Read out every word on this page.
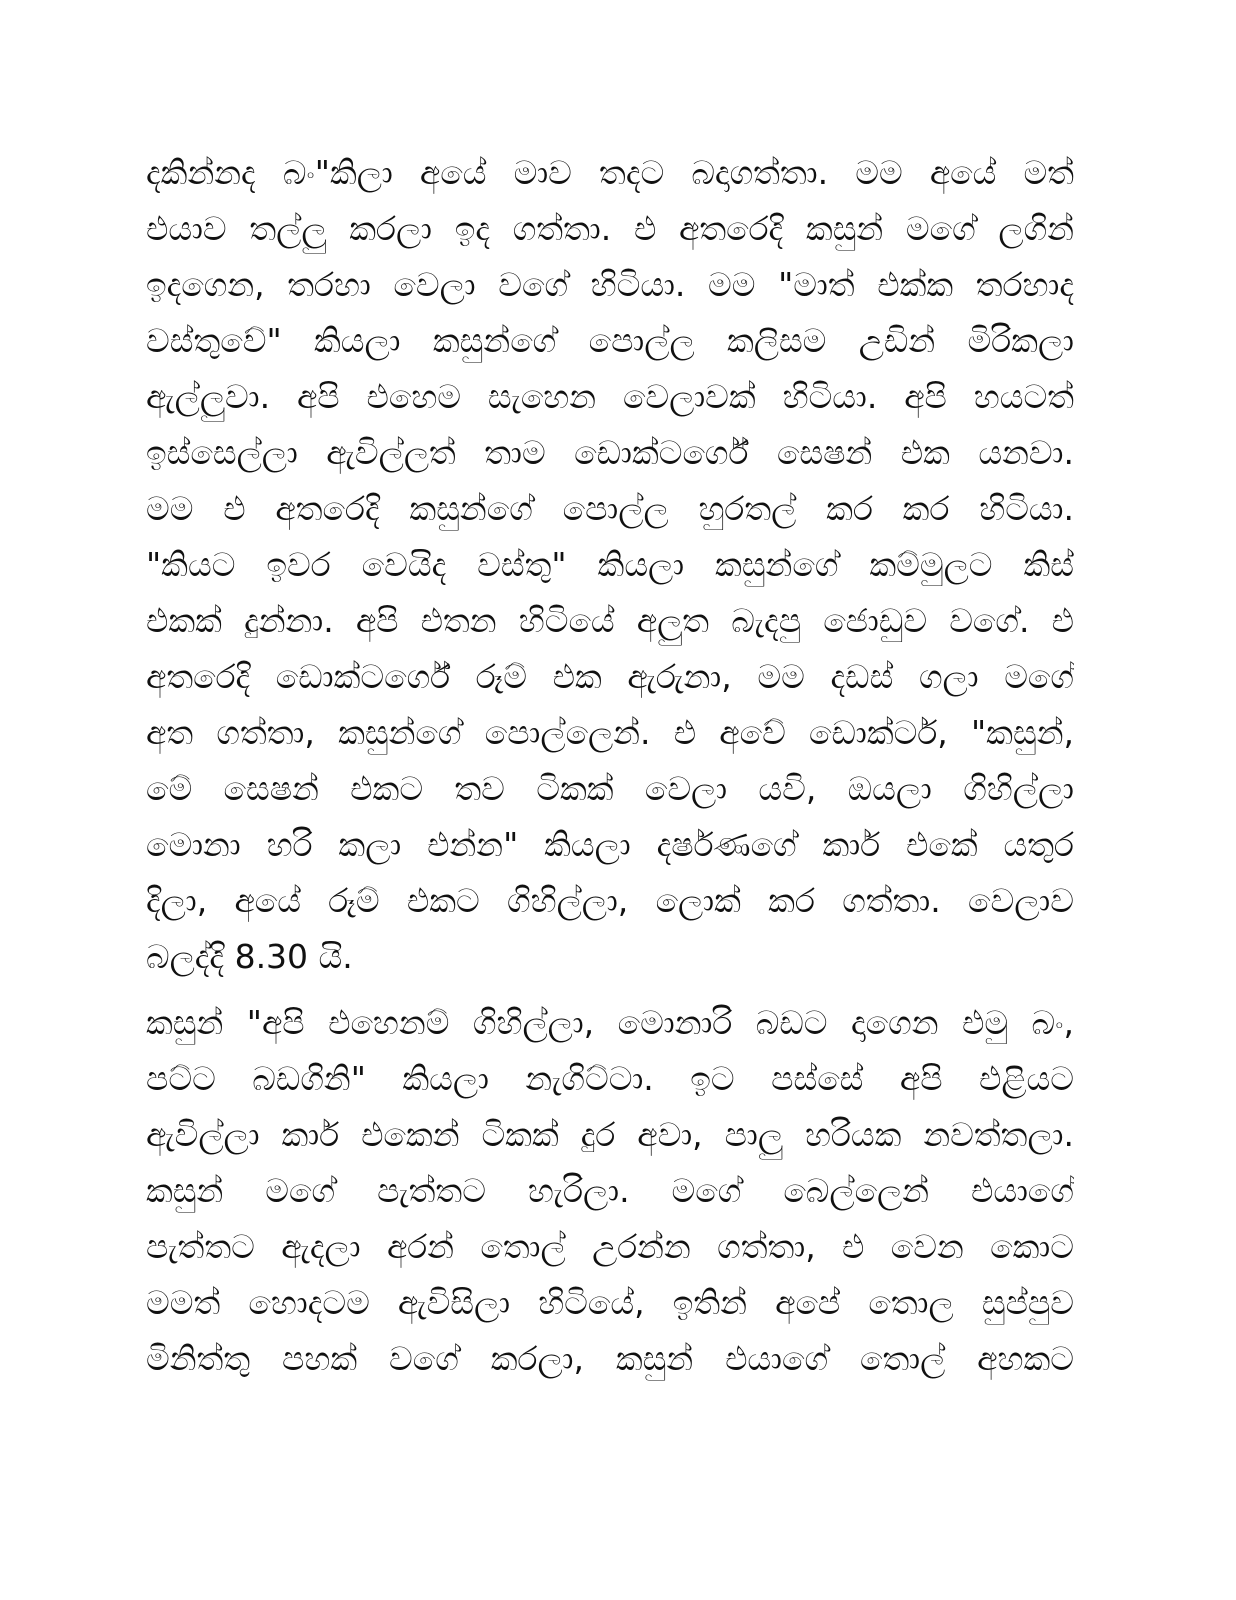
දකින්නද බං"කිලා අයේ මාව තදට බදාගත්තා. මම අයේ මත්
එයාව තල්ලු කරලා ඉද ගත්තා. එ අතරෙදි කසුන් මගේ ලගින්
ඉදගෙන, තරහා වෙලා වගේ හිටියා. මම "මාත් එක්ක තරහාද
වස්තුවේ" කියලා කසුන්ගේ පොල්ල කලිසම උඩින් මිරිකලා
ඇල්ලුවා. අපි එහෙම සැහෙන වෙලාවක් හිටියා. අපි හයටත්
ඉස්සෙල්ලා ඇවිල්ලත් තාම ඩොක්ටර්ගේ සෙෂන් එක යනවා.
මම එ අතරෙදි කසුන්ගේ පොල්ල හුරතල් කර කර හිටියා.
"කියට ඉවර වෙයිද වස්තු" කියලා කසුන්ගේ කම්මුලට කිස්
එකක් දුන්නා. අපි එතන හිටියේ අලුත බැදපු ජොඩුව වගේ. එ
අතරෙදි ඩොක්ටර්ගේ රූම් එක ඇරුනා, මම දඩස් ගලා මගේ
අත ගත්තා, කසුන්ගේ පොල්ලෙන්. එ අවේ ඩොක්ටර්, "කසුන්,
මේ සෙෂන් එකට තව ටිකක් වෙලා යවි, ඔයලා ගිහිල්ලා
මොනා හරි කලා එන්න" කියලා දර්ෂණගේ කාර් එකේ යතුර
දිලා, අයේ රූම් එකට ගිහිල්ලා, ලොක් කර ගත්තා. වෙලාව
බලද්දි 8.30 යි.

කසුන් "අපි එහෙනම් ගිහිල්ලා, මොනාරි බඩට දාගෙන එමු බං,
පට්ට බඩගිනි" කියලා නැගිට්ටා. ඉට පස්සේ අපි එළියට
ඇවිල්ලා කාර් එකෙන් ටිකක් දුර අවා, පාලු හරියක නවත්තලා.
කසුන් මගේ පැත්තට හැරිලා. මගේ බෙල්ලෙන් එයාගේ
පැත්තට ඇදලා අරන් තොල් උරන්න ගත්තා, එ වෙන කොට
මමත් හොදටම ඇවිසිලා හිටියේ, ඉතින් අපේ තොල සුප්පුව
මිනිත්තු පහක් වගේ කරලා, කසුන් එයාගේ තොල් අහකට
